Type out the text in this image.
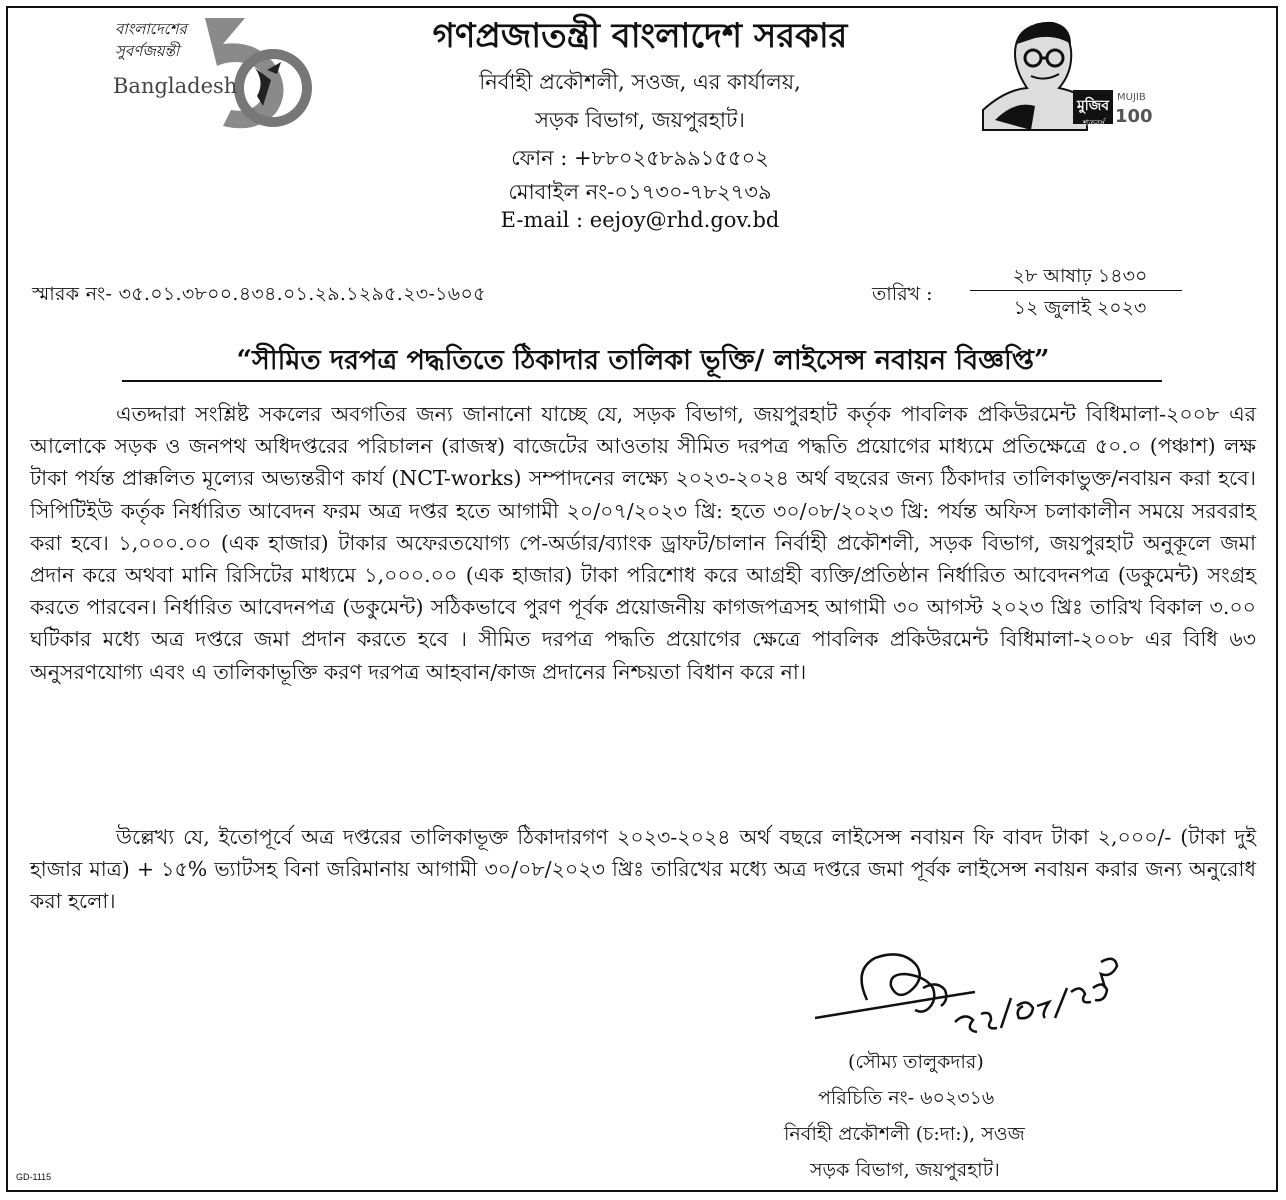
বাংলাদেশের
সুবর্ণজয়ন্তী
Bangladesh
মুজিব
MUJIB
100
শতবর্ষ
গণপ্রজাতন্ত্রী বাংলাদেশ সরকার
নির্বাহী প্রকৌশলী, সওজ, এর কার্যালয়,
সড়ক বিভাগ, জয়পুরহাট।
ফোন : +৮৮০২৫৮৯৯১৫৫০২
মোবাইল নং-০১৭৩০-৭৮২৭৩৯
E-mail : eejoy@rhd.gov.bd
স্মারক নং- ৩৫.০১.৩৮০০.৪৩৪.০১.২৯.১২৯৫.২৩-১৬০৫	তারিখ :
২৮ আষাঢ় ১৪৩০
১২ জুলাই ২০২৩
“সীমিত দরপত্র পদ্ধতিতে ঠিকাদার তালিকা ভূক্তি/ লাইসেন্স নবায়ন বিজ্ঞপ্তি”
এতদ্দারা সংশ্লিষ্ট সকলের অবগতির জন্য জানানো যাচ্ছে যে, সড়ক বিভাগ, জয়পুরহাট কর্তৃক পাবলিক প্রকিউরমেন্ট বিধিমালা-২০০৮ এর আলোকে সড়ক ও জনপথ অধিদপ্তরের পরিচালন (রাজস্ব) বাজেটের আওতায় সীমিত দরপত্র পদ্ধতি প্রয়োগের মাধ্যমে প্রতিক্ষেত্রে ৫০.০ (পঞ্চাশ) লক্ষ টাকা পর্যন্ত প্রাক্কলিত মূল্যের অভ্যন্তরীণ কার্য (NCT-works) সম্পাদনের লক্ষ্যে ২০২৩-২০২৪ অর্থ বছরের জন্য ঠিকাদার তালিকাভুক্ত/নবায়ন করা হবে। সিপিটিইউ কর্তৃক নির্ধারিত আবেদন ফরম অত্র দপ্তর হতে আগামী ২০/০৭/২০২৩ খ্রি: হতে ৩০/০৮/২০২৩ খ্রি: পর্যন্ত অফিস চলাকালীন সময়ে সরবরাহ করা হবে। ১,০০০.০০ (এক হাজার) টাকার অফেরতযোগ্য পে-অর্ডার/ব্যাংক ড্রাফট/চালান নির্বাহী প্রকৌশলী, সড়ক বিভাগ, জয়পুরহাট অনুকূলে জমা প্রদান করে অথবা মানি রিসিটের মাধ্যমে ১,০০০.০০ (এক হাজার) টাকা পরিশোধ করে আগ্রহী ব্যক্তি/প্রতিষ্ঠান নির্ধারিত আবেদনপত্র (ডকুমেন্ট) সংগ্রহ করতে পারবেন। নির্ধারিত আবেদনপত্র (ডকুমেন্ট) সঠিকভাবে পুরণ পূর্বক প্রয়োজনীয় কাগজপত্রসহ আগামী ৩০ আগস্ট ২০২৩ খ্রিঃ তারিখ বিকাল ৩.০০ ঘটিকার মধ্যে অত্র দপ্তরে জমা প্রদান করতে হবে । সীমিত দরপত্র পদ্ধতি প্রয়োগের ক্ষেত্রে পাবলিক প্রকিউরমেন্ট বিধিমালা-২০০৮ এর বিধি ৬৩ অনুসরণযোগ্য এবং এ তালিকাভূক্তি করণ দরপত্র আহবান/কাজ প্রদানের নিশ্চয়তা বিধান করে না।
উল্লেখ্য যে, ইতোপূর্বে অত্র দপ্তরের তালিকাভূক্ত ঠিকাদারগণ ২০২৩-২০২৪ অর্থ বছরে লাইসেন্স নবায়ন ফি বাবদ টাকা ২,০০০/- (টাকা দুই হাজার মাত্র) + ১৫% ভ্যাটসহ বিনা জরিমানায় আগামী ৩০/০৮/২০২৩ খ্রিঃ তারিখের মধ্যে অত্র দপ্তরে জমা পূর্বক লাইসেন্স নবায়ন করার জন্য অনুরোধ করা হলো।
(সৌম্য তালুকদার)
পরিচিতি নং- ৬০২৩১৬
নির্বাহী প্রকৌশলী (চ:দা:), সওজ
সড়ক বিভাগ, জয়পুরহাট।
GD-1115
